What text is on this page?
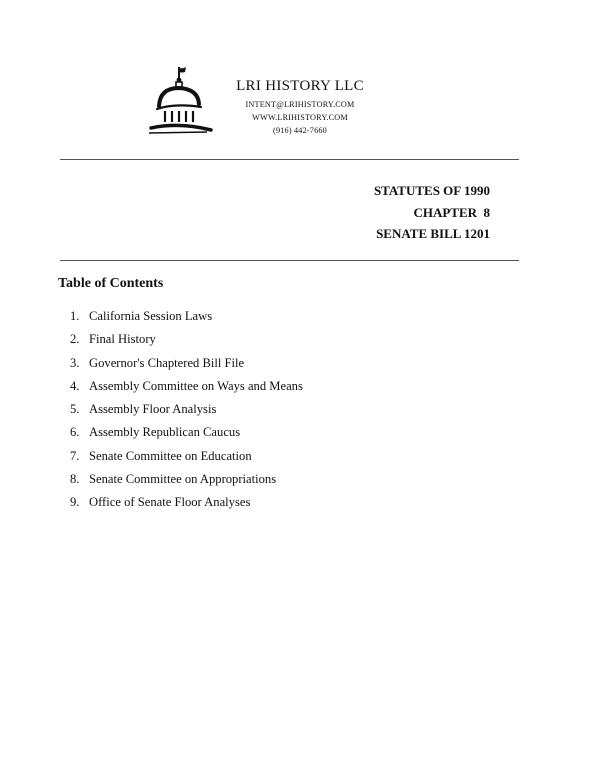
LRI HISTORY LLC
INTENT@LRIHISTORY.COM
WWW.LRIHISTORY.COM
(916) 442-7660
STATUTES OF 1990
CHAPTER  8
SENATE BILL 1201
Table of Contents
1. California Session Laws
2. Final History
3. Governor's Chaptered Bill File
4. Assembly Committee on Ways and Means
5. Assembly Floor Analysis
6. Assembly Republican Caucus
7. Senate Committee on Education
8. Senate Committee on Appropriations
9. Office of Senate Floor Analyses
